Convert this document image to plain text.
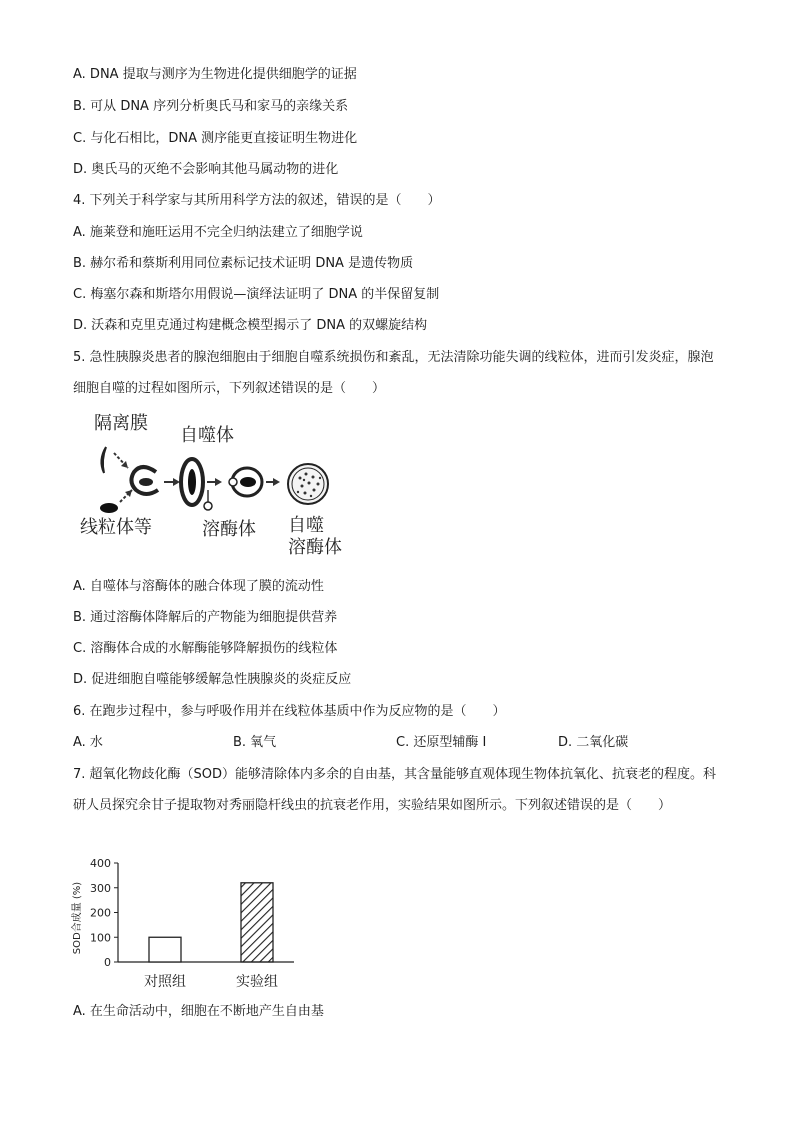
A. DNA 提取与测序为生物进化提供细胞学的证据
B. 可从 DNA 序列分析奥氏马和家马的亲缘关系
C. 与化石相比，DNA 测序能更直接证明生物进化
D. 奥氏马的灭绝不会影响其他马属动物的进化
4. 下列关于科学家与其所用科学方法的叙述，错误的是（　　）
A. 施莱登和施旺运用不完全归纳法建立了细胞学说
B. 赫尔希和蔡斯利用同位素标记技术证明 DNA 是遗传物质
C. 梅塞尔森和斯塔尔用假说—演绎法证明了 DNA 的半保留复制
D. 沃森和克里克通过构建概念模型揭示了 DNA 的双螺旋结构
5. 急性胰腺炎患者的腺泡细胞由于细胞自噬系统损伤和紊乱，无法清除功能失调的线粒体，进而引发炎症，腺泡细胞自噬的过程如图所示，下列叙述错误的是（　　）
隔离膜
自噬体
线粒体等	溶酶体 自噬
溶酶体
A. 自噬体与溶酶体的融合体现了膜的流动性
B. 通过溶酶体降解后的产物能为细胞提供营养
C. 溶酶体合成的水解酶能够降解损伤的线粒体
D. 促进细胞自噬能够缓解急性胰腺炎的炎症反应
6. 在跑步过程中，参与呼吸作用并在线粒体基质中作为反应物的是（　　）
A. 水	B. 氧气	C. 还原型辅酶 Ⅰ	D. 二氧化碳
7. 超氧化物歧化酶（SOD）能够清除体内多余的自由基，其含量能够直观体现生物体抗氧化、抗衰老的程度。科研人员探究余甘子提取物对秀丽隐杆线虫的抗衰老作用，实验结果如图所示。下列叙述错误的是（　　）
SOD合成量 (%)
0
100
200
300
400
对照组	实验组
A. 在生命活动中，细胞在不断地产生自由基
